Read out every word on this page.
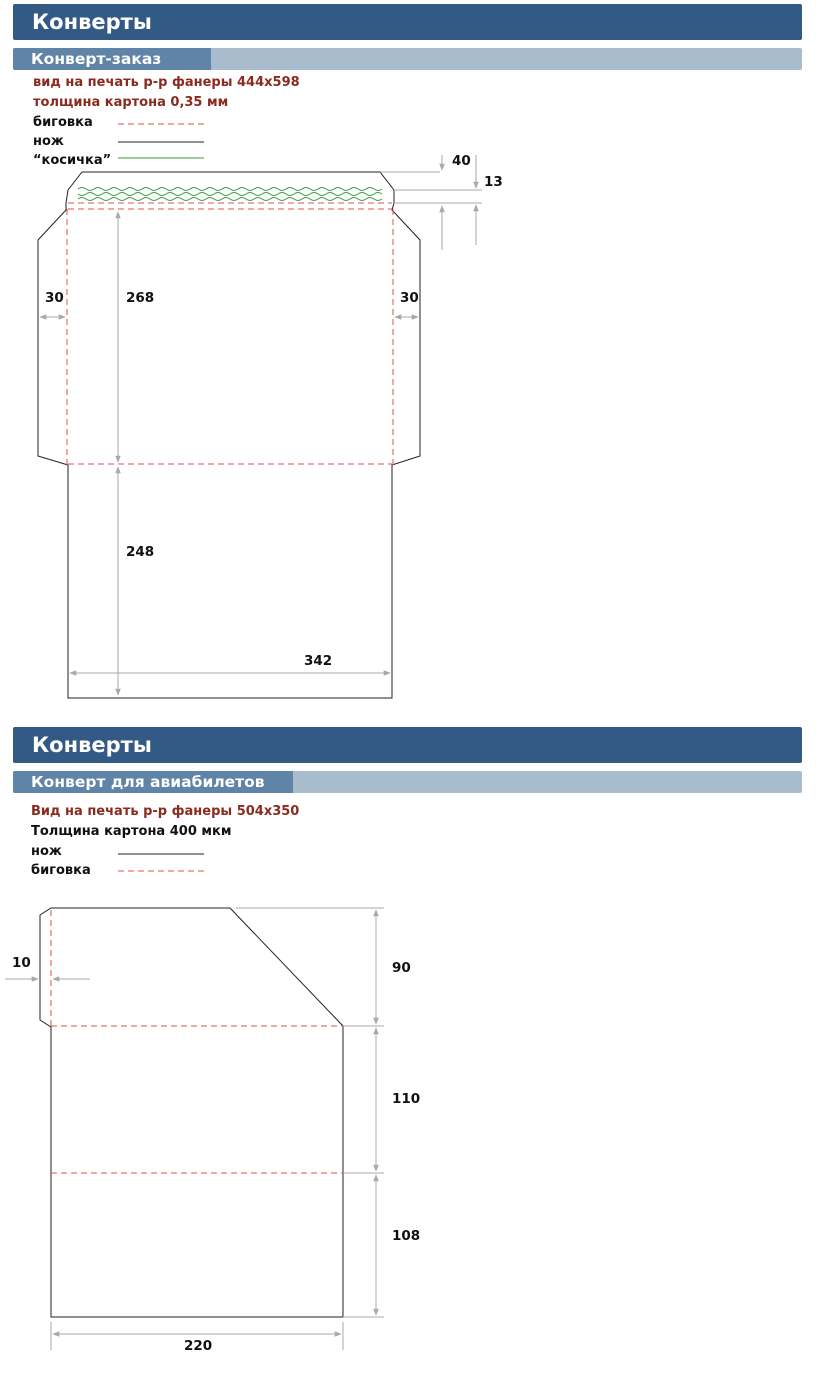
Конверты
Конверт-заказ
вид на печать р-р фанеры 444х598
толщина картона 0,35 мм
биговка
нож
“косичка”	40
13
30	30
268
248
342
Конверты
Конверт для авиабилетов
Вид на печать р-р фанеры 504х350
Толщина картона 400 мкм
нож
биговка
10	90
110
108
220
